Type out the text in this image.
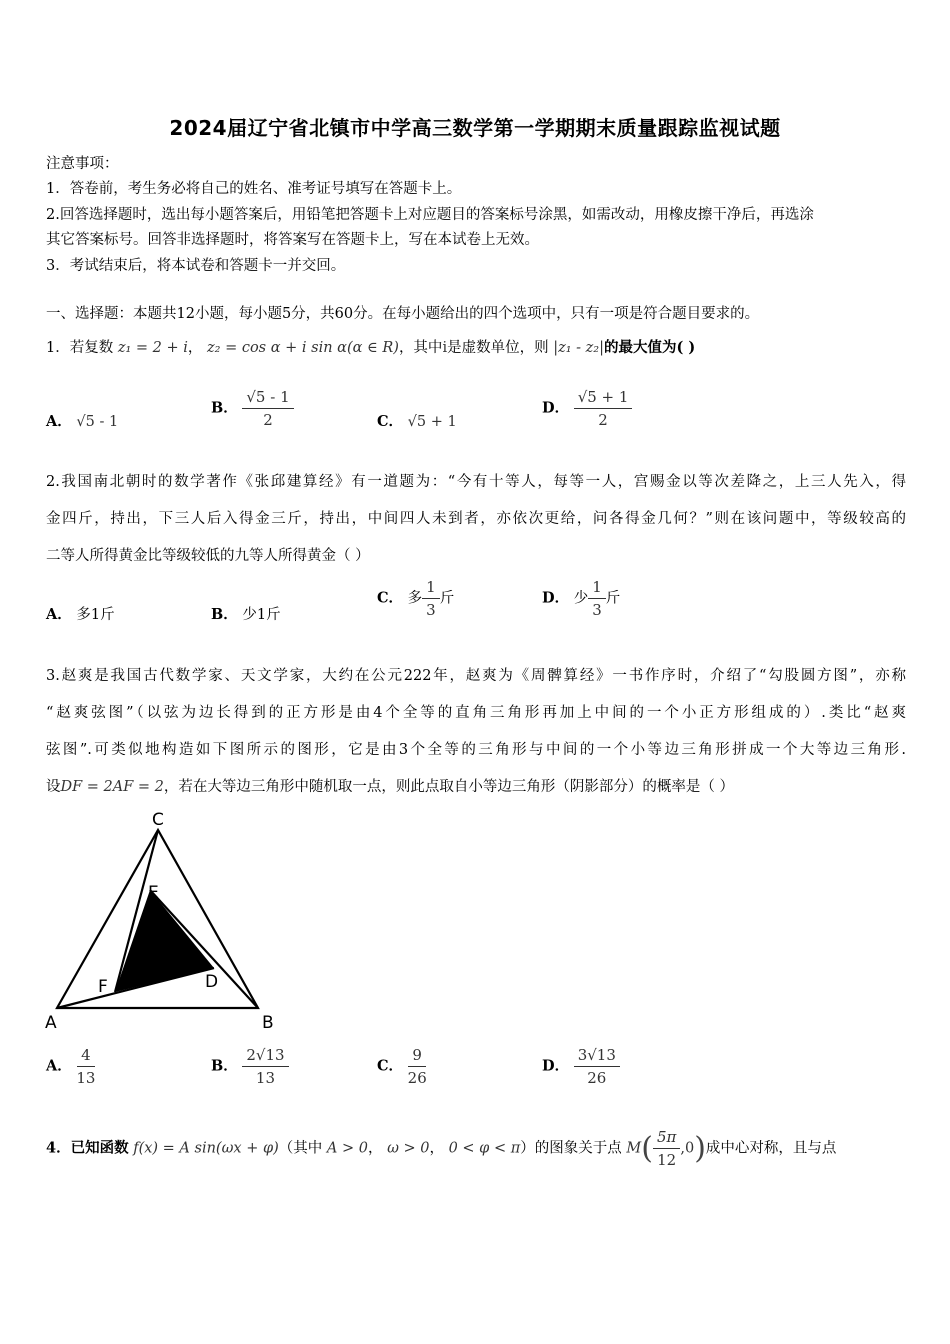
2024届辽宁省北镇市中学高三数学第一学期期末质量跟踪监视试题
注意事项：
1．答卷前，考生务必将自己的姓名、准考证号填写在答题卡上。
2.回答选择题时，选出每小题答案后，用铅笔把答题卡上对应题目的答案标号涂黑，如需改动，用橡皮擦干净后，再选涂
其它答案标号。回答非选择题时，将答案写在答题卡上，写在本试卷上无效。
3．考试结束后，将本试卷和答题卡一并交回。
一、选择题：本题共12小题，每小题5分，共60分。在每小题给出的四个选项中，只有一项是符合题目要求的。
1．若复数 z₁ = 2 + i， z₂ = cos α + i sin α(α ∈ R)，其中i是虚数单位，则 |z₁ - z₂|的最大值为( )
A． √5 - 1
B． $\frac{√5 - 1}{2}$	C． √5 + 1
D． $\frac{√5 + 1}{2}$
2.我国南北朝时的数学著作《张邱建算经》有一道题为：“今有十等人，每等一人，宫赐金以等次差降之，上三人先入，得
金四斤，持出，下三人后入得金三斤，持出，中间四人未到者，亦依次更给，问各得金几何？”则在该问题中，等级较高的
二等人所得黄金比等级较低的九等人所得黄金（ ）
A． 多1斤	B． 少1斤
C． 多 $\frac{1}{3}$ 斤	D． 少 $\frac{1}{3}$ 斤
3.赵爽是我国古代数学家、天文学家，大约在公元222年，赵爽为《周髀算经》一书作序时，介绍了“勾股圆方图”，亦称
“赵爽弦图”（以弦为边长得到的正方形是由4个全等的直角三角形再加上中间的一个小正方形组成的）.类比“赵爽
弦图”.可类似地构造如下图所示的图形，它是由3个全等的三角形与中间的一个小等边三角形拼成一个大等边三角形.
设DF = 2AF = 2，若在大等边三角形中随机取一点，则此点取自小等边三角形（阴影部分）的概率是（ ）
C
E
D
F
A	B
A． $\frac{4}{13}$	B． $\frac{2√13}{13}$	C． $\frac{9}{26}$	D． $\frac{3√13}{26}$
4．已知函数 f(x) = A sin(ωx + φ)（其中 A > 0， ω > 0， 0 < φ < π）的图象关于点 $M( \frac{5\pi}{12} ,0)$成中心对称，且与点
